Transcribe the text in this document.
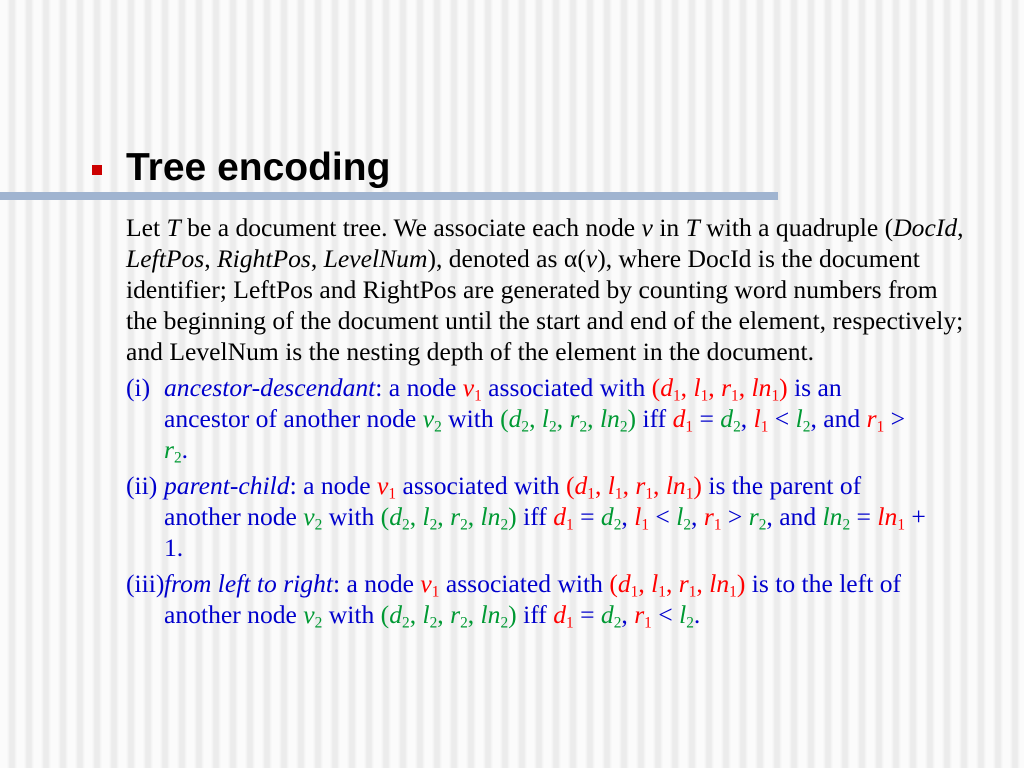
Tree encoding
Let T be a document tree. We associate each node v in T with a quadruple (DocId,
LeftPos, RightPos, LevelNum), denoted as α(v), where DocId is the document
identifier; LeftPos and RightPos are generated by counting word numbers from
the beginning of the document until the start and end of the element, respectively;
and LevelNum is the nesting depth of the element in the document.
(i) ancestor-descendant: a node $v_1$ associated with ($d_1$, $l_1$, $r_1$, $\ln_1$) is an
ancestor of another node $v_2$ with ($d_2$, $l_2$, $r_2$, $\ln_2$) iff $d_1 = d_2$, $l_1 < l_2$, and $r_1$ >
$r_2$.
(ii) parent-child: a node $v_1$ associated with ($d_1$, $l_1$, $r_1$, $\ln_1$) is the parent of
another node $v_2$ with ($d_2$, $l_2$, $r_2$, $\ln_2$) iff $d_1 = d_2$, $l_1 < l_2$, $r_1 > r_2$, and $\ln_2 = \ln_1$ +
1.
(iii) from left to right: a node $v_1$ associated with ($d_1$, $l_1$, $r_1$, $\ln_1$) is to the left of
another node $v_2$ with ($d_2$, $l_2$, $r_2$, $\ln_2$) iff $d_1 = d_2$, $r_1 < l_2$.
